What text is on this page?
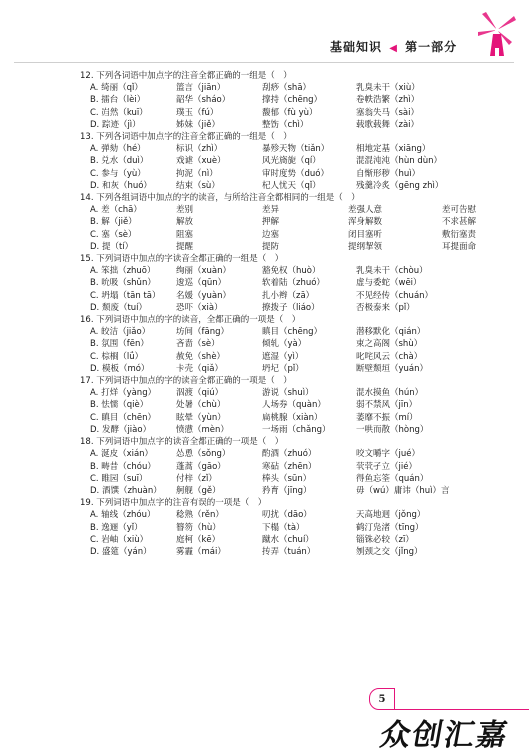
基础知识 ◀ 第一部分
12. 下列各词语中加点字的注音全都正确的一组是（　）
A. 绮丽（qǐ）	篮言（jiān）	刮痧（shā）	乳臭未干（xiù）
B. 擂台（lèi）	韶华（sháo）	撑持（chēng）	卷帙浩繁（zhì）
C. 岿然（kuī）	璞玉（fú）	馥郁（fù yù）	塞翁失马（sài）
D. 踪迹（jì）	姊妹（jiě）	整饬（chì）	载歌载舞（zài）
13. 下列各词语中加点字的注音全都正确的一组是（　）
A. 弹劾（hé）	标识（zhì）	暴殄天物（tiǎn）	相地定基（xiāng）
B. 兑水（duì）	戏谑（xuè）	风光旖旎（qí）	混混沌沌（hùn dùn）
C. 参与（yù）	拘泥（nì）	审时度势（duó）	自惭形秽（huì）
D. 和灰（huó）	结束（sù）	杞人忧天（qǐ）	残羹冷炙（gēng zhì）
14. 下列各组词语中加点的字的读音，与所给注音全都相同的一组是（　）
A. 差（chā）	差别	差异	差强人意	差可告慰
B. 解（jiě）	解放	押解	浑身解数	不求甚解
C. 塞（sè）	阻塞	边塞	闭目塞听	敷衍塞责
D. 提（tí）	提醒	提防	提纲挈领	耳提面命
15. 下列词语中加点的字读音全都正确的一组是（　）
A. 笨拙（zhuō）	绚丽（xuàn）	豁免权（huò）	乳臭未干（chòu）
B. 吮吸（shǔn）	逡巡（qūn）	软着陆（zhuó）	虚与委蛇（wēi）
C. 坍塌（tān tā）	名媛（yuàn）	扎小辫（zā）	不见经传（chuán）
D. 颓废（tuí）	恐吓（xià）	撩拨子（liáo）	否极泰来（pǐ）
16. 下列词语中加点的字的读音，全都正确的一项是（　）
A. 皎洁（jiǎo）	坊间（fāng）	瞋目（chēng）	潜移默化（qián）
B. 氛围（fēn）	吝啬（sè）	倾轧（yà）	束之高阁（shù）
C. 棕榈（lǘ）	赦免（shè）	遮湿（yì）	叱咤风云（chà）
D. 模板（mó）	卡壳（qiǎ）	坍圮（pǐ）	断壁颓垣（yuán）
17. 下列词语中加点的字的读音全都正确的一项是（　）
A. 打烊（yàng）	泅渡（qiú）	游说（shuì）	混水摸鱼（hún）
B. 怯懦（qiè）	处暑（chù）	人场券（quàn）	弱不禁风（jīn）
C. 瞋目（chēn）	眩晕（yùn）	扁桃腺（xiàn）	萎靡不振（mí）
D. 发酵（jiào）	愤懑（mèn）	一场雨（chǎng）	一哄而散（hòng）
18. 下列词语中加点字的读音全都正确的一项是（　）
A. 涎皮（xián）	怂恿（sǒng）	酌酒（zhuó）	咬文嚼字（jué）
B. 畴昔（chóu）	蓬蒿（gāo）	寒砧（zhēn）	茕茕孑立（jié）
C. 睢园（suī）	付梓（zǐ）	棒头（sūn）	得鱼忘筌（quán）
D. 酒馔（zhuàn）	舸舰（gě）	矜育（jīng）	毋（wú）庸讳（huì）言
19. 下列词语中加点字的注音有误的一项是（　）
A. 轴线（zhóu）	稔熟（rěn）	叨扰（dāo）	天高地迥（jǒng）
B. 逸逦（yǐ）	簪笏（hù）	下榻（tà）	鹤汀凫渚（tīng）
C. 岩岫（xiù）	庭柯（kē）	蹴水（chuí）	锱铢必较（zī）
D. 盛筵（yán）	雾霾（mái）	抟弄（tuán）	刎颈之交（jǐng）
5
众创汇嘉
